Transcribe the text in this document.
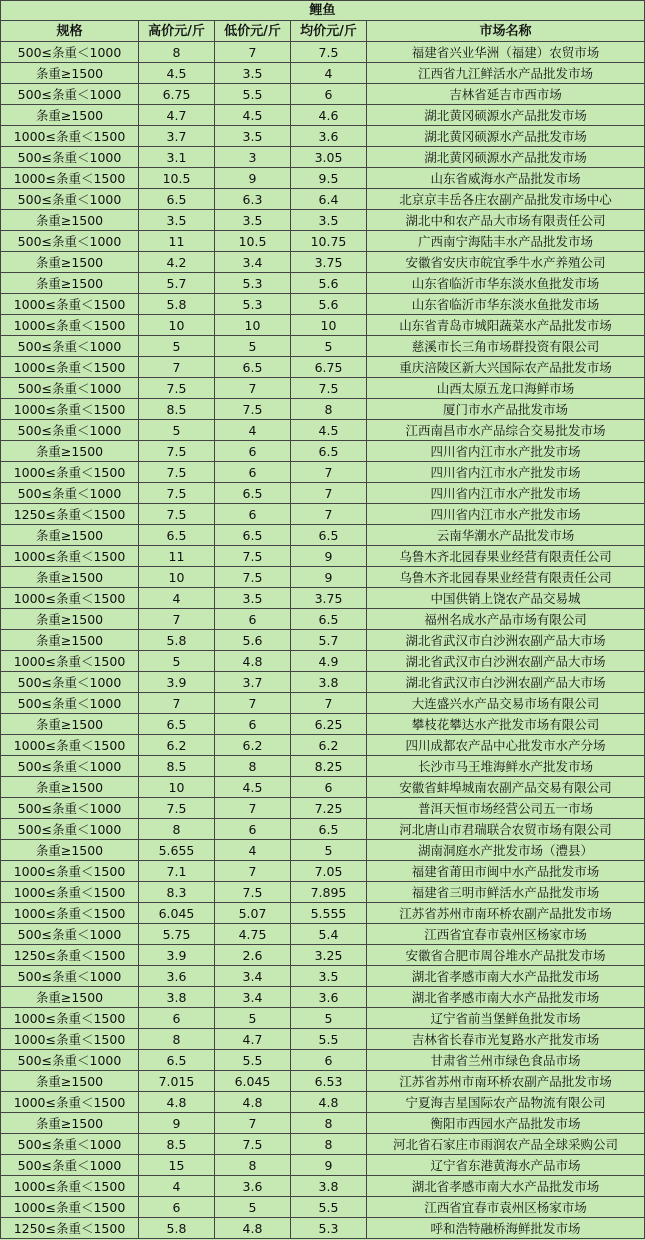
鲤鱼				
规格	高价元/斤	低价元/斤	均价元/斤	市场名称
500≤条重＜1000	8	7	7.5	福建省兴业华洲（福建）农贸市场
条重≥1500	4.5	3.5	4	江西省九江鲜活水产品批发市场
500≤条重＜1000	6.75	5.5	6	吉林省延吉市西市场
条重≥1500	4.7	4.5	4.6	湖北黄冈硕源水产品批发市场
1000≤条重＜1500	3.7	3.5	3.6	湖北黄冈硕源水产品批发市场
500≤条重＜1000	3.1	3	3.05	湖北黄冈硕源水产品批发市场
1000≤条重＜1500	10.5	9	9.5	山东省威海水产品批发市场
500≤条重＜1000	6.5	6.3	6.4	北京京丰岳各庄农副产品批发市场中心
条重≥1500	3.5	3.5	3.5	湖北中和农产品大市场有限责任公司
500≤条重＜1000	11	10.5	10.75	广西南宁海陆丰水产品批发市场
条重≥1500	4.2	3.4	3.75	安徽省安庆市皖宜季牛水产养殖公司
条重≥1500	5.7	5.3	5.6	山东省临沂市华东淡水鱼批发市场
1000≤条重＜1500	5.8	5.3	5.6	山东省临沂市华东淡水鱼批发市场
1000≤条重＜1500	10	10	10	山东省青岛市城阳蔬菜水产品批发市场
500≤条重＜1000	5	5	5	慈溪市长三角市场群投资有限公司
1000≤条重＜1500	7	6.5	6.75	重庆涪陵区新大兴国际农产品批发市场
500≤条重＜1000	7.5	7	7.5	山西太原五龙口海鲜市场
1000≤条重＜1500	8.5	7.5	8	厦门市水产品批发市场
500≤条重＜1000	5	4	4.5	江西南昌市水产品综合交易批发市场
条重≥1500	7.5	6	6.5	四川省内江市水产批发市场
1000≤条重＜1500	7.5	6	7	四川省内江市水产批发市场
500≤条重＜1000	7.5	6.5	7	四川省内江市水产批发市场
1250≤条重＜1500	7.5	6	7	四川省内江市水产批发市场
条重≥1500	6.5	6.5	6.5	云南华潮水产品批发市场
1000≤条重＜1500	11	7.5	9	乌鲁木齐北园春果业经营有限责任公司
条重≥1500	10	7.5	9	乌鲁木齐北园春果业经营有限责任公司
1000≤条重＜1500	4	3.5	3.75	中国供销上饶农产品交易城
条重≥1500	7	6	6.5	福州名成水产品市场有限公司
条重≥1500	5.8	5.6	5.7	湖北省武汉市白沙洲农副产品大市场
1000≤条重＜1500	5	4.8	4.9	湖北省武汉市白沙洲农副产品大市场
500≤条重＜1000	3.9	3.7	3.8	湖北省武汉市白沙洲农副产品大市场
500≤条重＜1000	7	7	7	大连盛兴水产品交易市场有限公司
条重≥1500	6.5	6	6.25	攀枝花攀达水产批发市场有限公司
1000≤条重＜1500	6.2	6.2	6.2	四川成都农产品中心批发市水产分场
500≤条重＜1000	8.5	8	8.25	长沙市马王堆海鲜水产批发市场
条重≥1500	10	4.5	6	安徽省蚌埠城南农副产品交易有限公司
500≤条重＜1000	7.5	7	7.25	普洱天恒市场经营公司五一市场
500≤条重＜1000	8	6	6.5	河北唐山市君瑞联合农贸市场有限公司
条重≥1500	5.655	4	5	湖南洞庭水产批发市场（澧县）
1000≤条重＜1500	7.1	7	7.05	福建省莆田市闽中水产品批发市场
1000≤条重＜1500	8.3	7.5	7.895	福建省三明市鲜活水产品批发市场
1000≤条重＜1500	6.045	5.07	5.555	江苏省苏州市南环桥农副产品批发市场
500≤条重＜1000	5.75	4.75	5.4	江西省宜春市袁州区杨家市场
1250≤条重＜1500	3.9	2.6	3.25	安徽省合肥市周谷堆水产品批发市场
500≤条重＜1000	3.6	3.4	3.5	湖北省孝感市南大水产品批发市场
条重≥1500	3.8	3.4	3.6	湖北省孝感市南大水产品批发市场
1000≤条重＜1500	6	5	5	辽宁省前当堡鲜鱼批发市场
1000≤条重＜1500	8	4.7	5.5	吉林省长春市光复路水产批发市场
500≤条重＜1000	6.5	5.5	6	甘肃省兰州市绿色食品市场
条重≥1500	7.015	6.045	6.53	江苏省苏州市南环桥农副产品批发市场
1000≤条重＜1500	4.8	4.8	4.8	宁夏海吉星国际农产品物流有限公司
条重≥1500	9	7	8	衡阳市西园水产品批发市场
500≤条重＜1000	8.5	7.5	8	河北省石家庄市雨润农产品全球采购公司
500≤条重＜1000	15	8	9	辽宁省东港黄海水产品市场
1000≤条重＜1500	4	3.6	3.8	湖北省孝感市南大水产品批发市场
1000≤条重＜1500	6	5	5.5	江西省宜春市袁州区杨家市场
1250≤条重＜1500	5.8	4.8	5.3	呼和浩特融桥海鲜批发市场
